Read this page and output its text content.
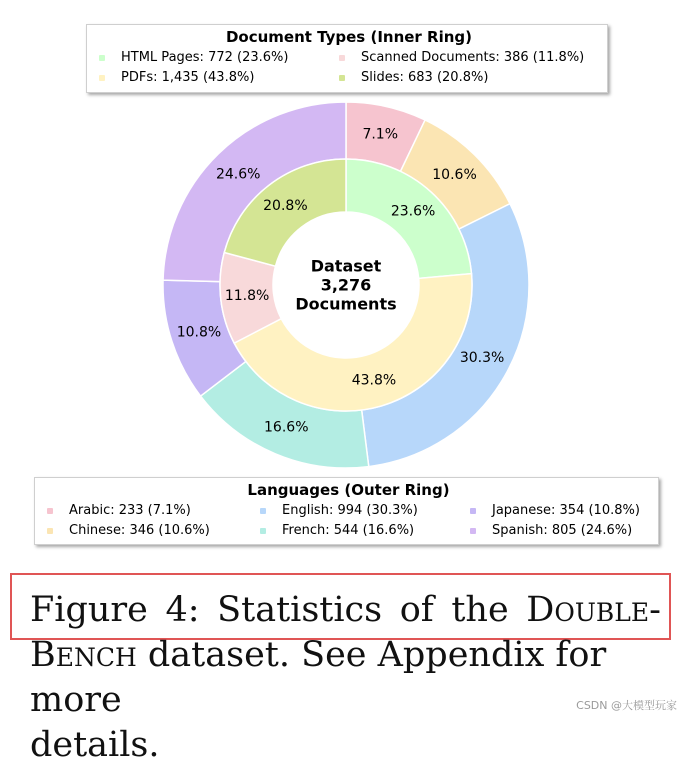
7.1%
10.6%
30.3%
16.6%
10.8%
24.6%
23.6%
43.8%
11.8%
20.8%
Dataset
3,276
Documents
Document Types (Inner Ring)
HTML Pages: 772 (23.6%)	Scanned Documents: 386 (11.8%)
PDFs: 1,435 (43.8%)	Slides: 683 (20.8%)
Languages (Outer Ring)
Arabic: 233 (7.1%)	English: 994 (30.3%)	Japanese: 354 (10.8%)
Chinese: 346 (10.6%)	French: 544 (16.6%)	Spanish: 805 (24.6%)
Figure 4: Statistics of the Double-
Bench dataset. See Appendix for more
details.
CSDN @大模型玩家
